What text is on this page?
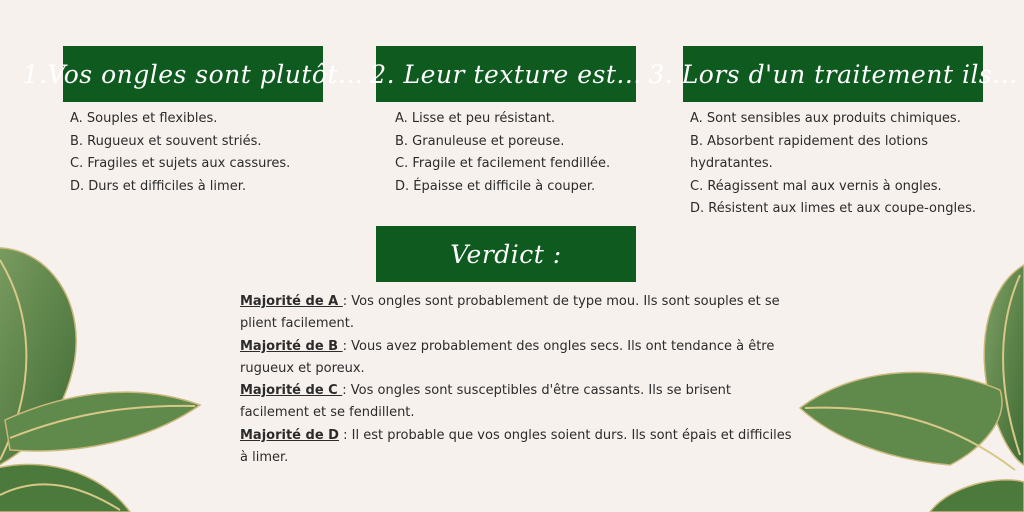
1.Vos ongles sont plutôt...
A. Souples et flexibles.
B. Rugueux et souvent striés.
C. Fragiles et sujets aux cassures.
D. Durs et difficiles à limer.
2. Leur texture est...
A. Lisse et peu résistant.
B. Granuleuse et poreuse.
C. Fragile et facilement fendillée.
D. Épaisse et difficile à couper.
3. Lors d'un traitement ils...
A. Sont sensibles aux produits chimiques.
B. Absorbent rapidement des lotions hydratantes.
C. Réagissent mal aux vernis à ongles.
D. Résistent aux limes et aux coupe-ongles.
Verdict :
Majorité de A : Vos ongles sont probablement de type mou. Ils sont souples et se plient facilement.
Majorité de B : Vous avez probablement des ongles secs. Ils ont tendance à être rugueux et poreux.
Majorité de C : Vos ongles sont susceptibles d'être cassants. Ils se brisent facilement et se fendillent.
Majorité de D : Il est probable que vos ongles soient durs. Ils sont épais et difficiles à limer.
